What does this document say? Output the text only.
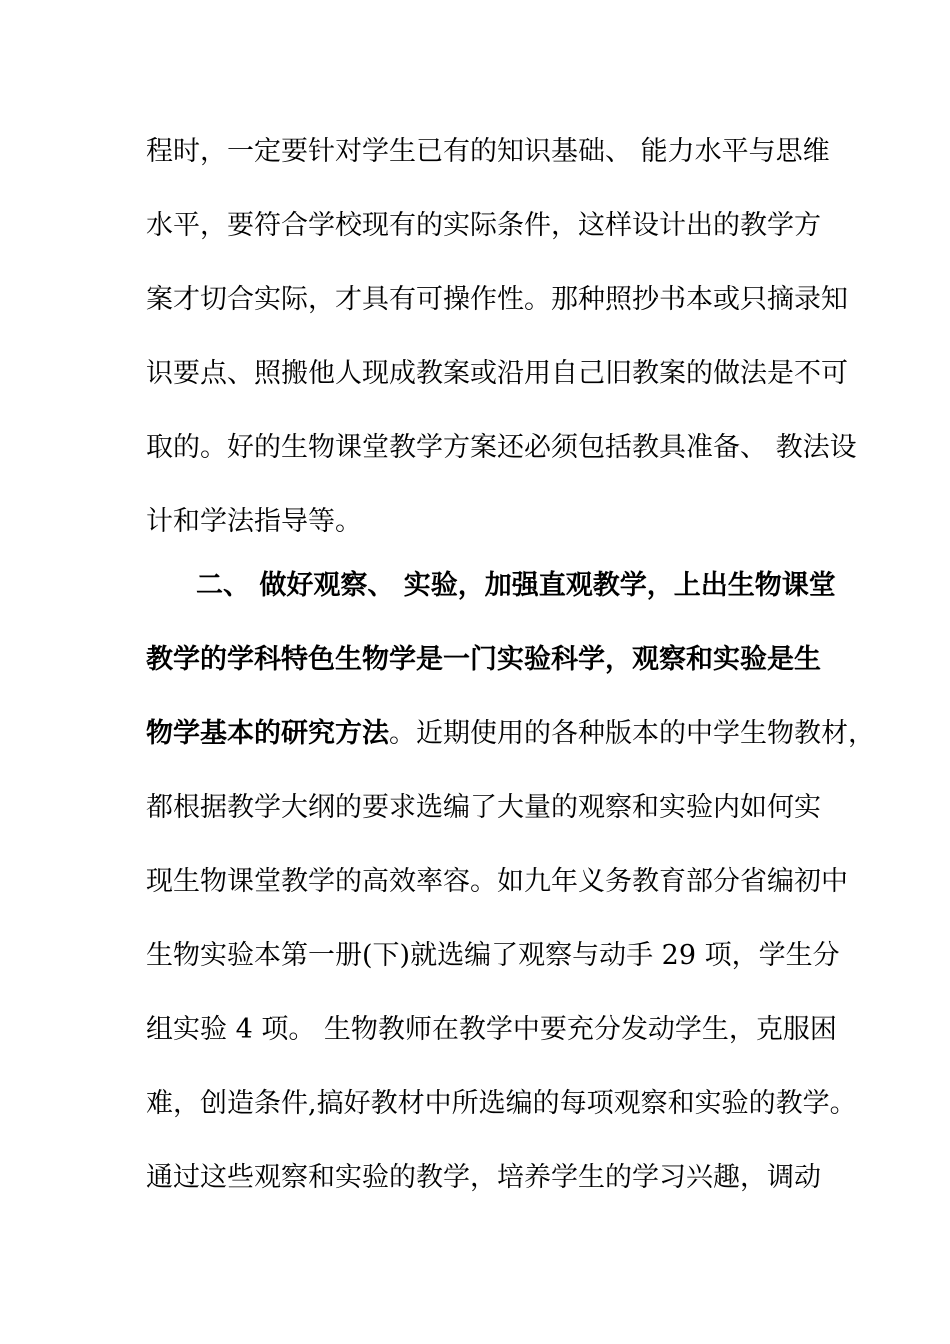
程时，一定要针对学生已有的知识基础、 能力水平与思维
水平，要符合学校现有的实际条件，这样设计出的教学方
案才切合实际，才具有可操作性。那种照抄书本或只摘录知
识要点、照搬他人现成教案或沿用自己旧教案的做法是不可
取的。好的生物课堂教学方案还必须包括教具准备、 教法设
计和学法指导等。
二、 做好观察、 实验，加强直观教学，上出生物课堂
教学的学科特色生物学是一门实验科学，观察和实验是生
物学基本的研究方法。近期使用的各种版本的中学生物教材，
都根据教学大纲的要求选编了大量的观察和实验内如何实
现生物课堂教学的高效率容。如九年义务教育部分省编初中
生物实验本第一册(下)就选编了观察与动手 29 项，学生分
组实验 4 项。 生物教师在教学中要充分发动学生，克服困
难，创造条件,搞好教材中所选编的每项观察和实验的教学。
通过这些观察和实验的教学，培养学生的学习兴趣，调动
